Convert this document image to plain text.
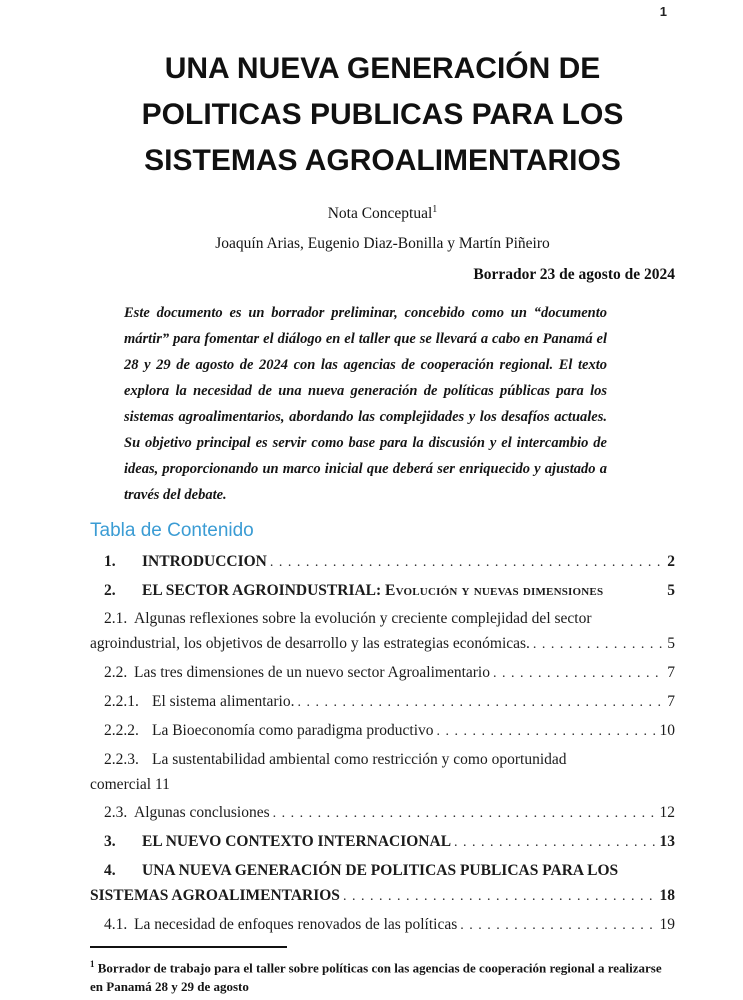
1
UNA NUEVA GENERACIÓN DE
POLITICAS PUBLICAS PARA LOS
SISTEMAS AGROALIMENTARIOS
Nota Conceptual$^1$
Joaquín Arias, Eugenio Diaz-Bonilla y Martín Piñeiro
Borrador 23 de agosto de 2024

Este documento es un borrador preliminar, concebido como un “documento mártir” para fomentar el diálogo en el taller que se llevará a cabo en Panamá el 28 y 29 de agosto de 2024 con las agencias de cooperación regional. El texto explora la necesidad de una nueva generación de políticas públicas para los sistemas agroalimentarios, abordando las complejidades y los desafíos actuales. Su objetivo principal es servir como base para la discusión y el intercambio de ideas, proporcionando un marco inicial que deberá ser enriquecido y ajustado a través del debate.

Tabla de Contenido
1.	INTRODUCCION . . .	2
2.	EL SECTOR AGROINDUSTRIAL: Evolución y nuevas dimensiones	5
2.1. Algunas reflexiones sobre la evolución y creciente complejidad del sector
agroindustrial, los objetivos de desarrollo y las estrategias económicas. . . .	5
2.2. Las tres dimensiones de un nuevo sector Agroalimentario . . .	7
2.2.1. El sistema alimentario. . . .	7
2.2.2. La Bioeconomía como paradigma productivo . . .	10
2.2.3. La sustentabilidad ambiental como restricción y como oportunidad
comercial 11
2.3. Algunas conclusiones . . .	12
3.	EL NUEVO CONTEXTO INTERNACIONAL . . .	13
4.	UNA NUEVA GENERACIÓN DE POLITICAS PUBLICAS PARA LOS
SISTEMAS AGROALIMENTARIOS . . .	18
4.1. La necesidad de enfoques renovados de las políticas . . .	19
$^1$ Borrador de trabajo para el taller sobre políticas con las agencias de cooperación regional a realizarse en Panamá 28 y 29 de agosto
